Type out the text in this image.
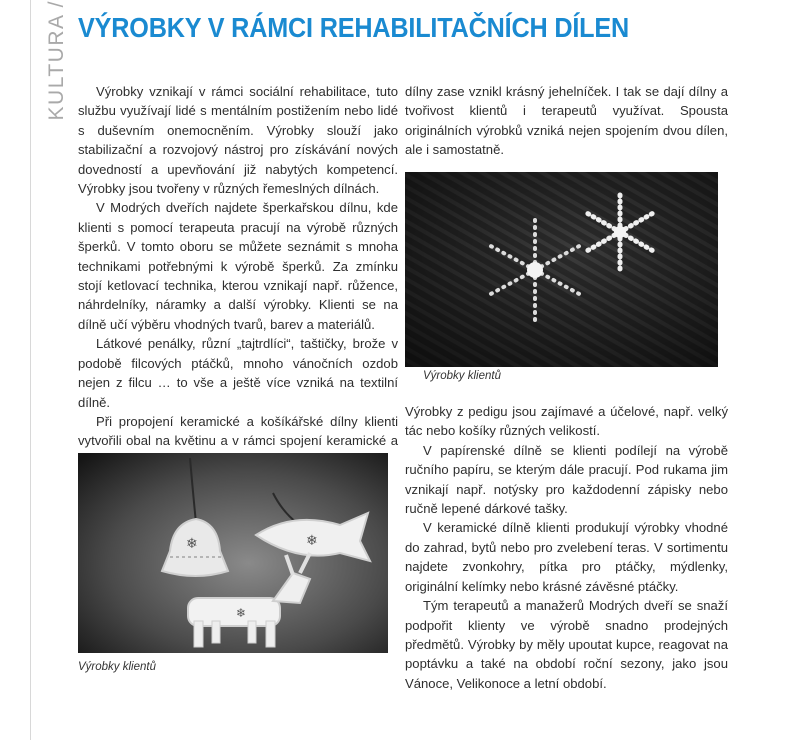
KULTURA / VÝROBKY V RÁMCI REHABILITAČNÍCH DÍLEN

Výrobky vznikají v rámci sociální rehabilitace, tuto službu využívají lidé s mentálním postižením nebo lidé s duševním onemocněním. Výrobky slouží jako stabilizační a rozvojový nástroj pro získávání nových dovedností a upevňování již nabytých kompetencí. Výrobky jsou tvořeny v různých řemeslných dílnách.

V Modrých dveřích najdete šperkařskou dílnu, kde klienti s pomocí terapeuta pracují na výrobě různých šperků. V tomto oboru se můžete seznámit s mnoha technikami potřebnými k výrobě šperků. Za zmínku stojí ketlovací technika, kterou vznikají např. růžence, náhrdelníky, náramky a další výrobky. Klienti se na dílně učí výběru vhodných tvarů, barev a materiálů.

Látkové penálky, různí „tajtrdlíci“, taštičky, brože v podobě filcových ptáčků, mnoho vánočních ozdob nejen z filcu … to vše a ještě více vzniká na textilní dílně.

Při propojení keramické a košíkářské dílny klienti vytvořili obal na květinu a v rámci spojení keramické a

❄	❄
❄

Výrobky klientů

dílny zase vznikl krásný jehelníček. I tak se dají dílny a tvořivost klientů i terapeutů využívat. Spousta originálních výrobků vzniká nejen spojením dvou dílen, ale i samostatně.

Výrobky klientů

Výrobky z pedigu jsou zajímavé a účelové, např. velký tác nebo košíky různých velikostí.

V papírenské dílně se klienti podílejí na výrobě ručního papíru, se kterým dále pracují. Pod rukama jim vznikají např. notýsky pro každodenní zápisky nebo ručně lepené dárkové tašky.

V keramické dílně klienti produkují výrobky vhodné do zahrad, bytů nebo pro zvelebení teras. V sortimentu najdete zvonkohry, pítka pro ptáčky, mýdlenky, originální kelímky nebo krásné závěsné ptáčky.

Tým terapeutů a manažerů Modrých dveří se snaží podpořit klienty ve výrobě snadno prodejných předmětů. Výrobky by měly upoutat kupce, reagovat na poptávku a také na období roční sezony, jako jsou Vánoce, Velikonoce a letní období.
